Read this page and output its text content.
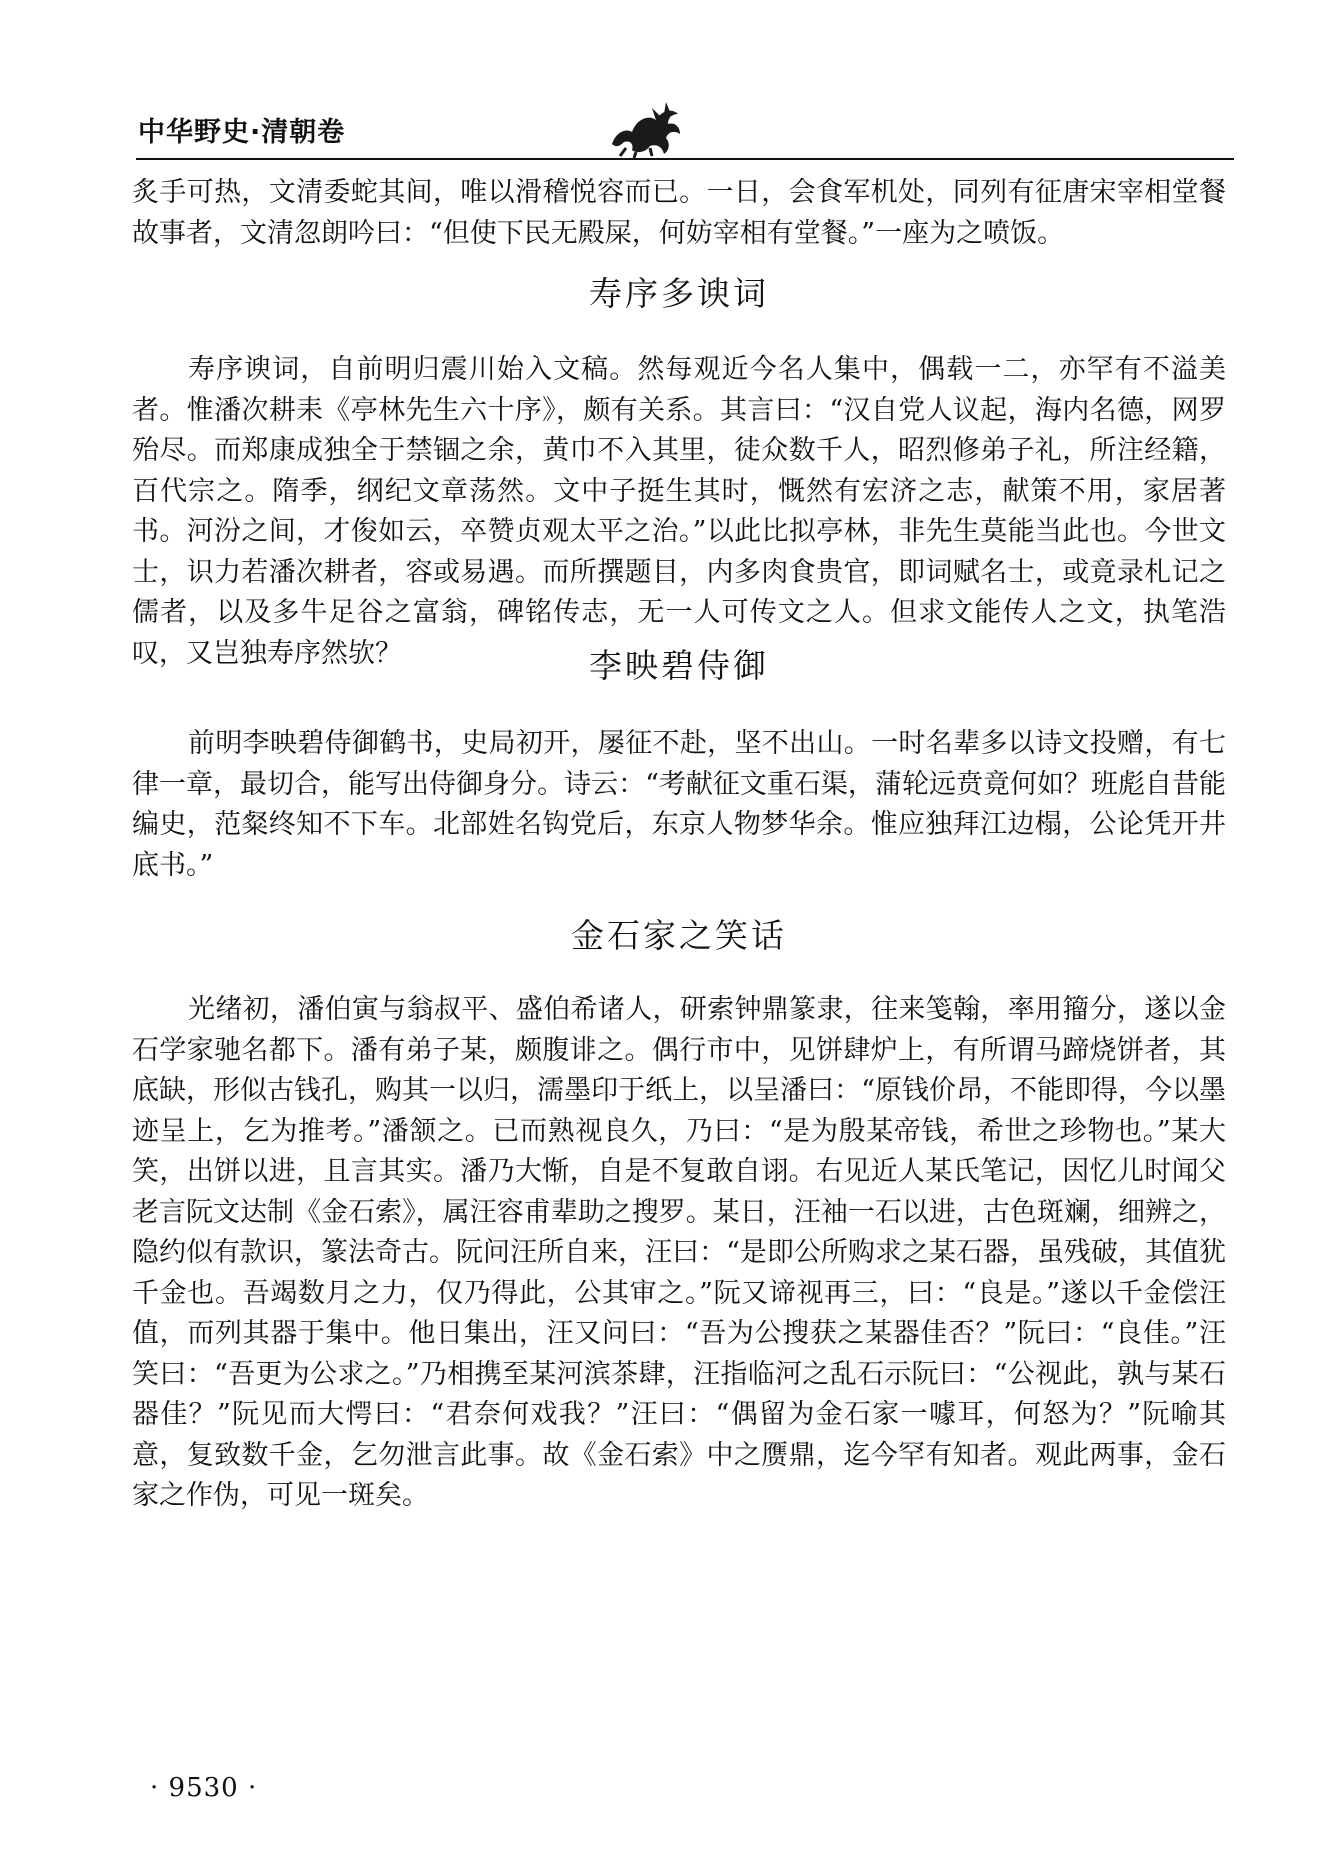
中华野史·清朝卷

炙手可热，文清委蛇其间，唯以滑稽悦容而已。一日，会食军机处，同列有征唐宋宰相堂餐故事者，文清忽朗吟曰：“但使下民无殿屎，何妨宰相有堂餐。”一座为之喷饭。

寿序多谀词

寿序谀词，自前明归震川始入文稿。然每观近今名人集中，偶载一二，亦罕有不溢美者。惟潘次耕耒《亭林先生六十序》，颇有关系。其言曰：“汉自党人议起，海内名德，网罗殆尽。而郑康成独全于禁锢之余，黄巾不入其里，徒众数千人，昭烈修弟子礼，所注经籍，百代宗之。隋季，纲纪文章荡然。文中子挺生其时，慨然有宏济之志，献策不用，家居著书。河汾之间，才俊如云，卒赞贞观太平之治。”以此比拟亭林，非先生莫能当此也。今世文士，识力若潘次耕者，容或易遇。而所撰题目，内多肉食贵官，即词赋名士，或竟录札记之儒者，以及多牛足谷之富翁，碑铭传志，无一人可传文之人。但求文能传人之文，执笔浩叹，又岂独寿序然欤？	李映碧侍御

前明李映碧侍御鹤书，史局初开，屡征不赴，坚不出山。一时名辈多以诗文投赠，有七律一章，最切合，能写出侍御身分。诗云：“考献征文重石渠，蒲轮远贲竟何如？班彪自昔能编史，范粲终知不下车。北部姓名钩党后，东京人物梦华余。惟应独拜江边榻，公论凭开井底书。”

金石家之笑话

光绪初，潘伯寅与翁叔平、盛伯希诸人，研索钟鼎篆隶，往来笺翰，率用籀分，遂以金石学家驰名都下。潘有弟子某，颇腹诽之。偶行市中，见饼肆炉上，有所谓马蹄烧饼者，其底缺，形似古钱孔，购其一以归，濡墨印于纸上，以呈潘曰：“原钱价昂，不能即得，今以墨迹呈上，乞为推考。”潘颔之。已而熟视良久，乃曰：“是为殷某帝钱，希世之珍物也。”某大笑，出饼以进，且言其实。潘乃大惭，自是不复敢自诩。右见近人某氏笔记，因忆儿时闻父老言阮文达制《金石索》，属汪容甫辈助之搜罗。某日，汪袖一石以进，古色斑斓，细辨之，隐约似有款识，篆法奇古。阮问汪所自来，汪曰：“是即公所购求之某石器，虽残破，其值犹千金也。吾竭数月之力，仅乃得此，公其审之。”阮又谛视再三，曰：“良是。”遂以千金偿汪值，而列其器于集中。他日集出，汪又问曰：“吾为公搜获之某器佳否？”阮曰：“良佳。”汪笑曰：“吾更为公求之。”乃相携至某河滨茶肆，汪指临河之乱石示阮曰：“公视此，孰与某石器佳？”阮见而大愕曰：“君奈何戏我？”汪曰：“偶留为金石家一噱耳，何怒为？”阮喻其意，复致数千金，乞勿泄言此事。故《金石索》中之赝鼎，迄今罕有知者。观此两事，金石家之作伪，可见一斑矣。

· 9530 ·
